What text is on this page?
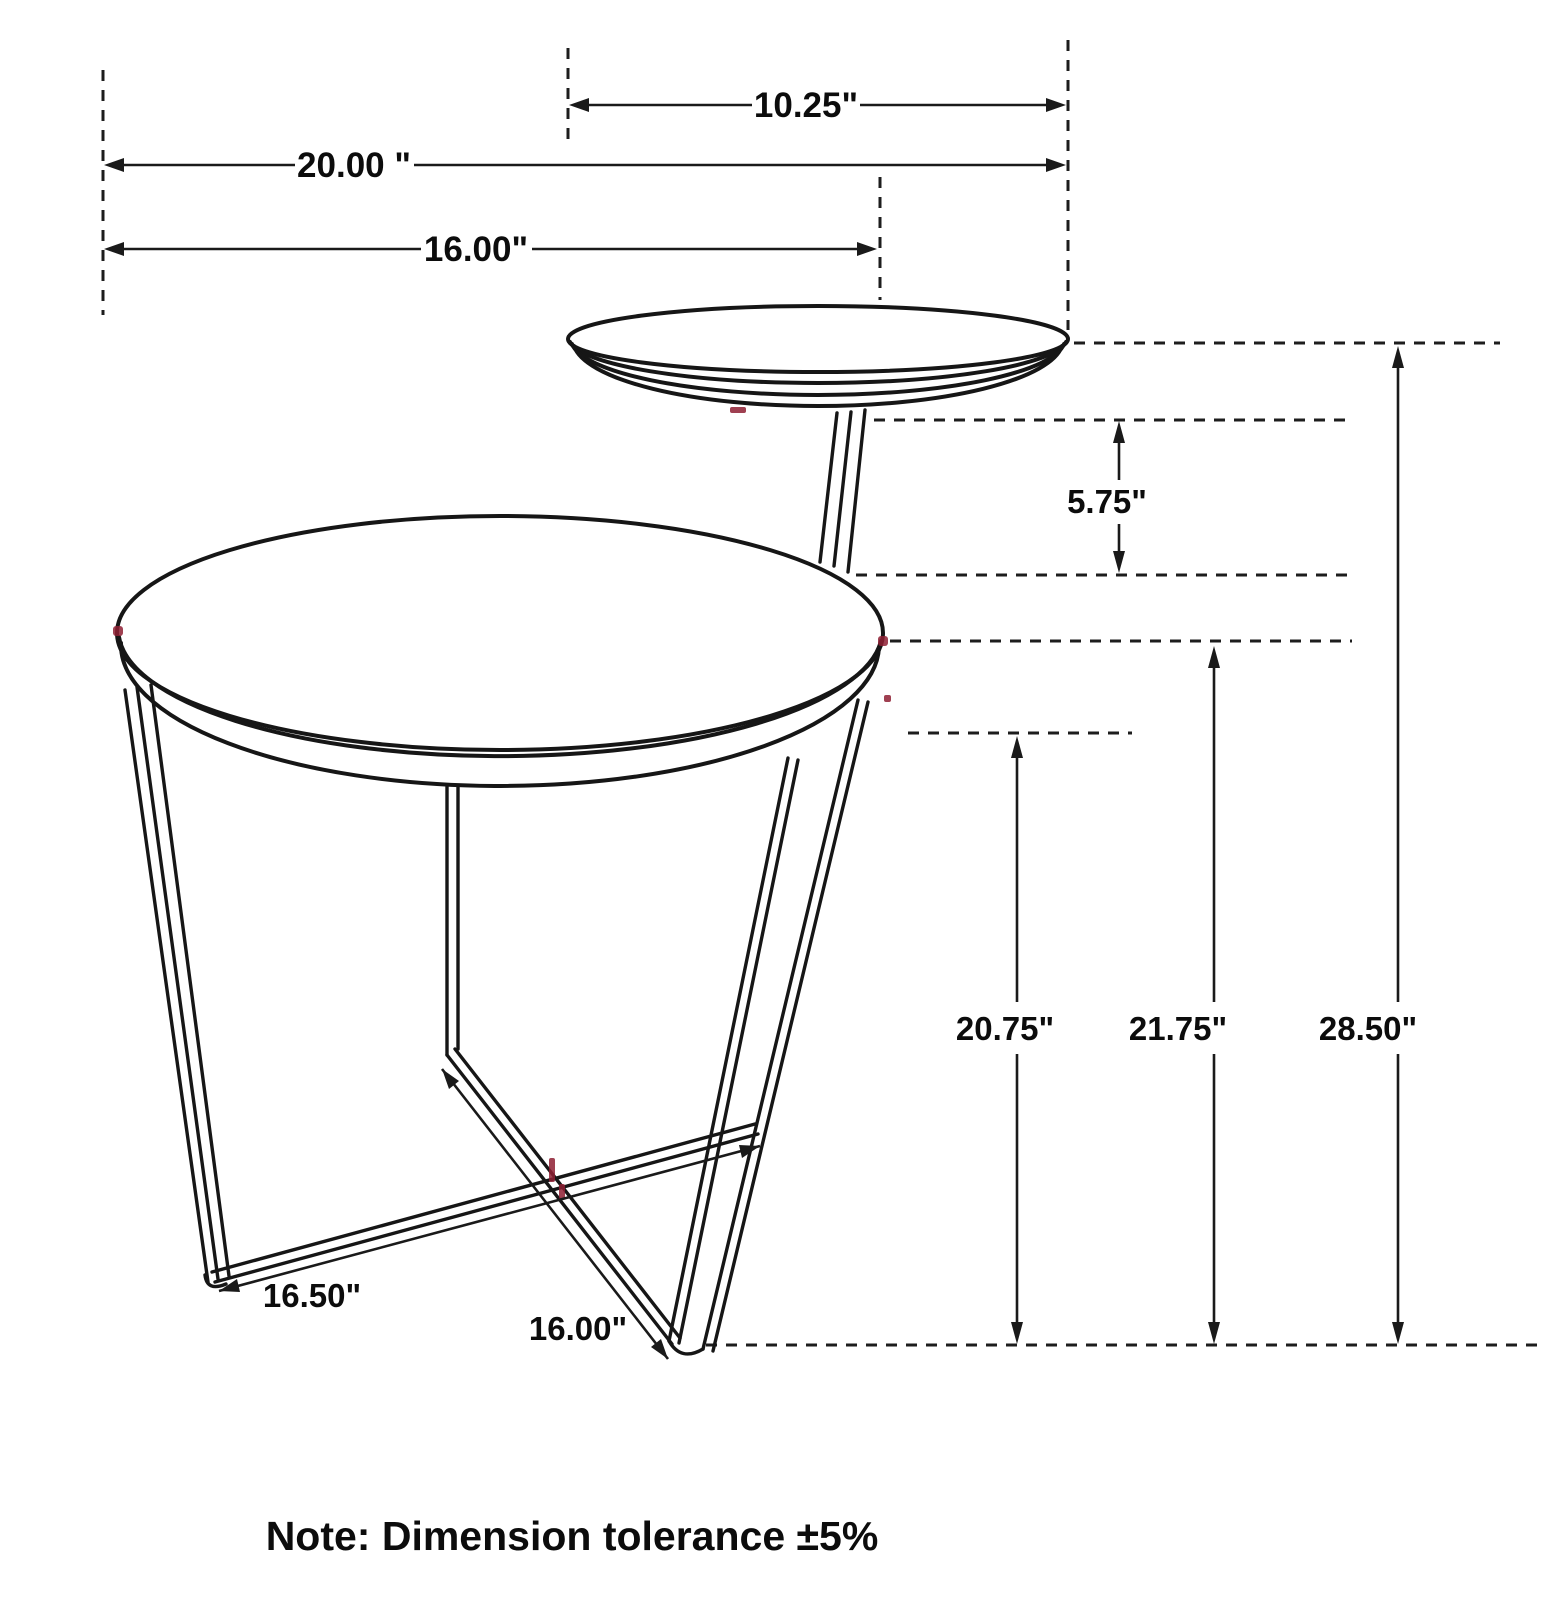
10.25"
20.00 "
16.00"
5.75"
20.75" 21.75"	28.50"
16.50"
16.00"
Note: Dimension tolerance ±5%
